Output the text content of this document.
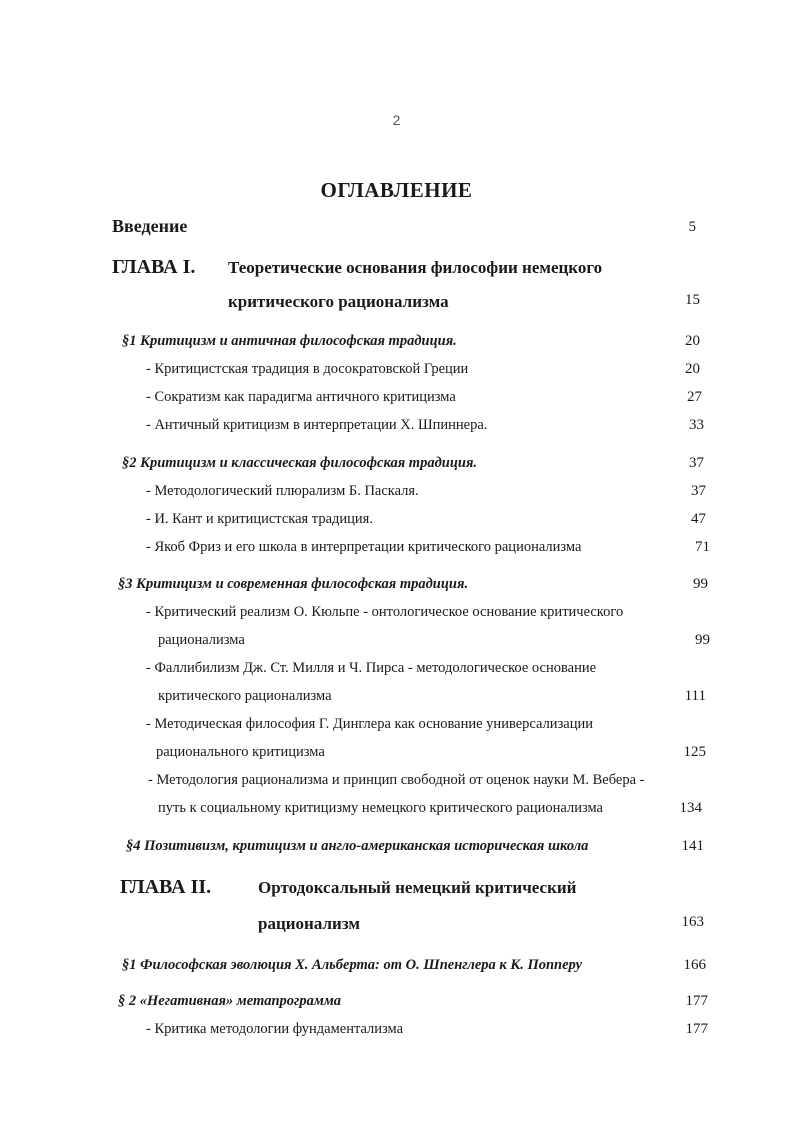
2
ОГЛАВЛЕНИЕ
Введение	5
ГЛАВА I. Теоретические основания философии немецкого
критического рационализма	15
§1 Критицизм и античная философская традиция.	20
- Критицистская традиция в досократовской Греции	20
- Сократизм как парадигма античного критицизма	27
- Античный критицизм в интерпретации X. Шпиннера.	33
§2 Критицизм и классическая философская традиция.	37
- Методологический плюрализм Б. Паскаля.	37
- И. Кант и критицистская традиция.	47
- Якоб Фриз и его школа в интерпретации критического рационализма	71
§3 Критицизм и современная философская традиция.	99
- Критический реализм О. Кюльпе - онтологическое основание критического
рационализма	99
- Фаллибилизм Дж. Ст. Милля и Ч. Пирса - методологическое основание
критического рационализма	111
- Методическая философия Г. Динглера как основание универсализации
рационального критицизма	125
- Методология рационализма и принцип свободной от оценок науки М. Вебера -
путь к социальному критицизму немецкого критического рационализма	134
§4 Позитивизм, критицизм и англо-американская историческая школа	141
ГЛАВА II.	Ортодоксальный немецкий критический
рационализм	163
§1 Философская эволюция X. Альберта: от О. Шпенглера к К. Попперу	166
§ 2 «Негативная» метапрограмма	177
- Критика методологии фундаментализма	177
